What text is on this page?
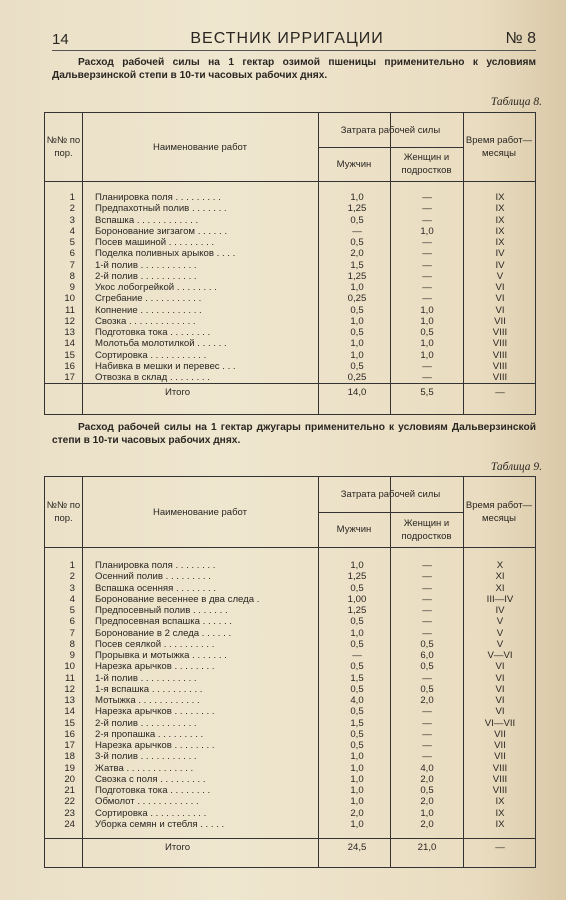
14	ВЕСТНИК ИРРИГАЦИИ	№ 8
Расход рабочей силы на 1 гектар озимой пшеницы применительно к условиям Дальверзинской степи в 10-ти часовых рабочих днях.
Таблица 8.
№№ по пор.
Наименование работ
Затрата рабочей силы
Мужчин
Женщин и подростков
Время работ—месяцы
1 Планировка поля . . . . . . . . .	1,0	—	IX
2 Предпахотный полив . . . . . . .	1,25	—	IX
3 Вспашка . . . . . . . . . . . .	0,5	—	IX
4 Боронование зигзагом . . . . . .	—	1,0	IX
5 Посев машиной . . . . . . . . .	0,5	—	IX
6 Поделка поливных арыков . . . .	2,0	—	IV
7 1-й полив . . . . . . . . . . .	1,5	—	IV
8 2-й полив . . . . . . . . . . .	1,25	—	V
9 Укос лобогрейкой . . . . . . . .	1,0	—	VI
10 Сгребание . . . . . . . . . . .	0,25	—	VI
11 Копнение . . . . . . . . . . . .	0,5	1,0	VI
12 Свозка . . . . . . . . . . . . .	1,0	1,0	VII
13 Подготовка тока . . . . . . . .	0,5	0,5	VIII
14 Молотьба молотилкой . . . . . .	1,0	1,0	VIII
15 Сортировка . . . . . . . . . . .	1,0	1,0	VIII
16 Набивка в мешки и перевес . . .	0,5	—	VIII
17 Отвозка в склад . . . . . . . .	0,25	—	VIII
Итого	14,0	5,5	—
Расход рабочей силы на 1 гектар джугары применительно к условиям Дальверзинской степи в 10-ти часовых рабочих днях.
Таблица 9.
№№ по пор.
Наименование работ
Затрата рабочей силы
Мужчин
Женщин и подростков
Время работ—месяцы
1 Планировка поля . . . . . . . .	1,0	—	X
2 Осенний полив . . . . . . . . .	1,25	—	XI
3 Вспашка осенняя . . . . . . . .	0,5	—	XI
4 Боронование весеннее в два следа .	1,00	—	III—IV
5 Предпосевный полив . . . . . . .	1,25	—	IV
6 Предпосевная вспашка . . . . . .	0,5	—	V
7 Боронование в 2 следа . . . . . .	1,0	—	V
8 Посев сеялкой . . . . . . . . . .	0,5	0,5	V
9 Прорывка и мотыжка . . . . . . .	—	6,0	V—VI
10 Нарезка арычков . . . . . . . .	0,5	0,5	VI
11 1-й полив . . . . . . . . . . .	1,5	—	VI
12 1-я вспашка . . . . . . . . . .	0,5	0,5	VI
13 Мотыжка . . . . . . . . . . . .	4,0	2,0	VI
14 Нарезка арычков . . . . . . . .	0,5	—	VI
15 2-й полив . . . . . . . . . . .	1,5	—	VI—VII
16 2-я пропашка . . . . . . . . .	0,5	—	VII
17 Нарезка арычков . . . . . . . .	0,5	—	VII
18 3-й полив . . . . . . . . . . .	1,0	—	VII
19 Жатва . . . . . . . . . . . . .	1,0	4,0	VIII
20 Свозка с поля . . . . . . . . .	1,0	2,0	VIII
21 Подготовка тока . . . . . . . .	1,0	0,5	VIII
22 Обмолот . . . . . . . . . . . .	1,0	2,0	IX
23 Сортировка . . . . . . . . . . .	2,0	1,0	IX
24 Уборка семян и стебля . . . . .	1,0	2,0	IX
Итого	24,5	21,0	—
